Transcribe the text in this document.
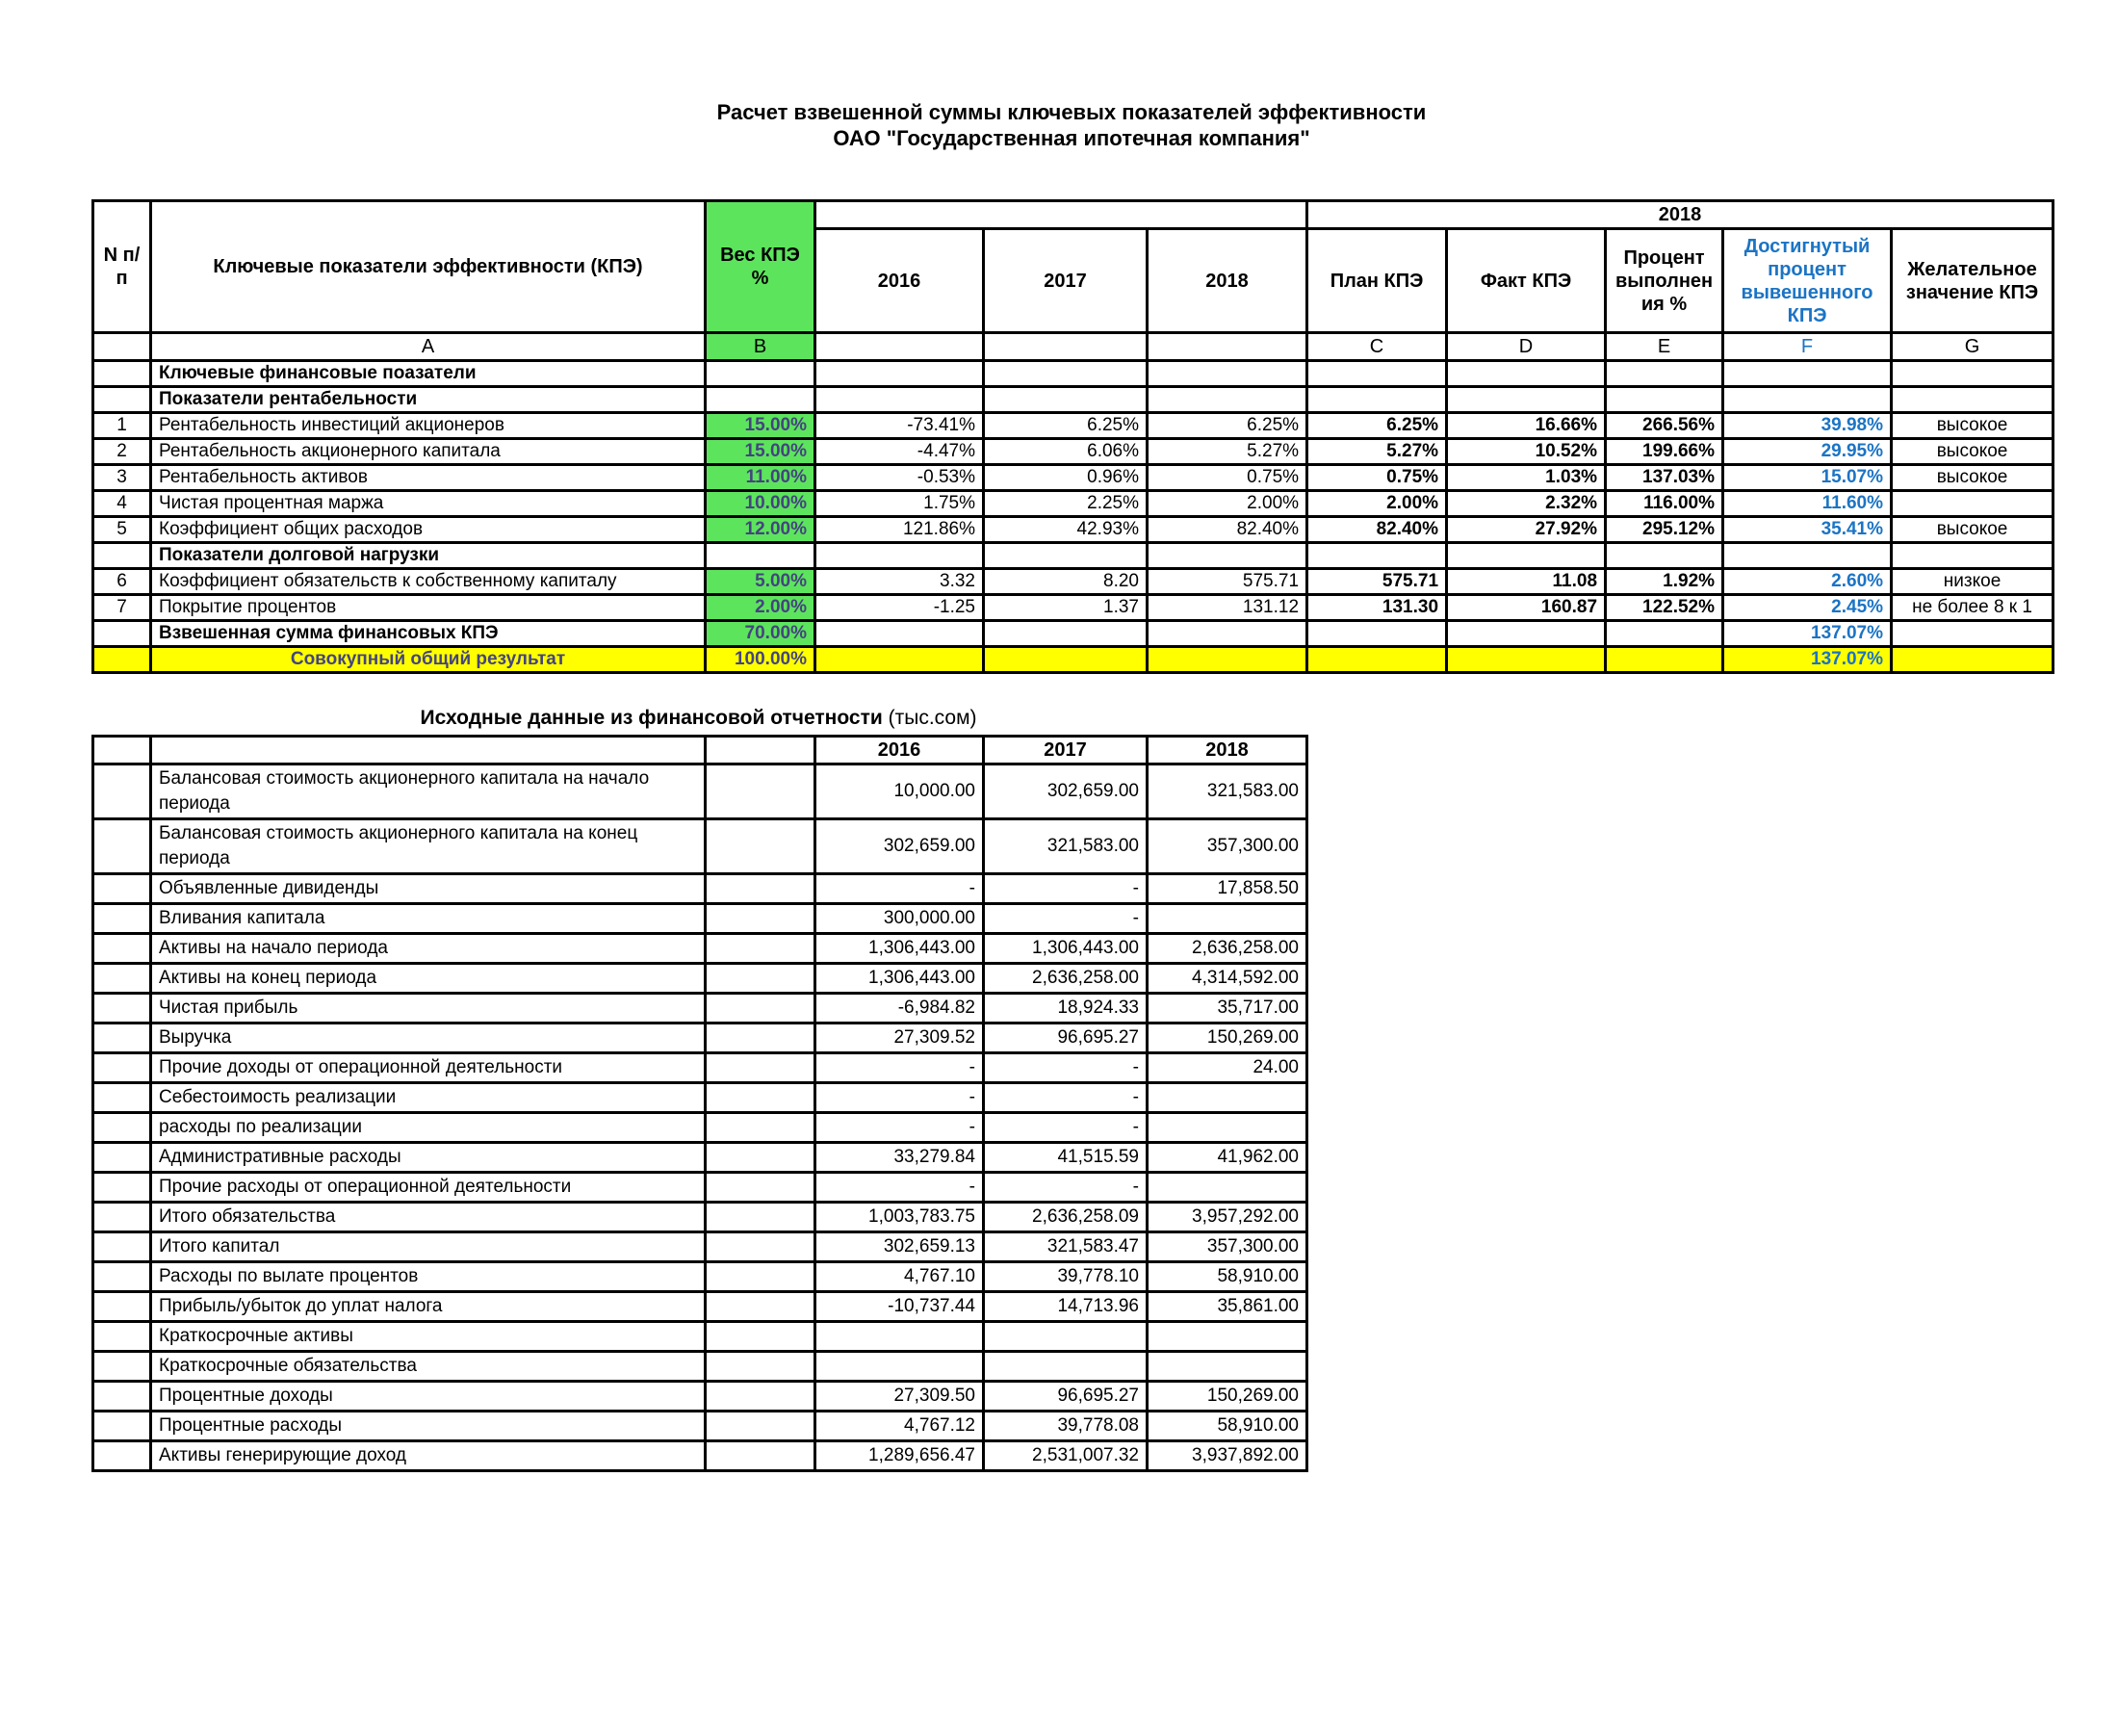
Расчет взвешенной суммы ключевых показателей эффективности
ОАО "Государственная ипотечная компания"
N п/п	Ключевые показатели эффективности (КПЭ)	Вес КПЭ %				2018				
			2016	2017	2018	План КПЭ	Факт КПЭ	Процент выполнения %	Достигнутый процент вывешенного КПЭ	Желательное значение КПЭ
	A	B				C	D	E	F	G
	Ключевые финансовые поазатели									
	Показатели рентабельности									
1	Рентабельность инвестиций акционеров	15.00%	-73.41%	6.25%	6.25%	6.25%	16.66%	266.56%	39.98%	высокое
2	Рентабельность акционерного капитала	15.00%	-4.47%	6.06%	5.27%	5.27%	10.52%	199.66%	29.95%	высокое
3	Рентабельность активов	11.00%	-0.53%	0.96%	0.75%	0.75%	1.03%	137.03%	15.07%	высокое
4	Чистая процентная маржа	10.00%	1.75%	2.25%	2.00%	2.00%	2.32%	116.00%	11.60%	
5	Коэффициент общих расходов	12.00%	121.86%	42.93%	82.40%	82.40%	27.92%	295.12%	35.41%	высокое
	Показатели долговой нагрузки									
6	Коэффициент обязательств к собственному капиталу	5.00%	3.32	8.20	575.71	575.71	11.08	1.92%	2.60%	низкое
7	Покрытие процентов	2.00%	-1.25	1.37	131.12	131.30	160.87	122.52%	2.45%	не более 8 к 1
	Взвешенная сумма финансовых КПЭ	70.00%							137.07%	
	Совокупный общий результат	100.00%							137.07%	
Исходные данные из финансовой отчетности (тыс.сом)
			2016	2017	2018
	Балансовая стоимость акционерного капитала на начало периода		10,000.00	302,659.00	321,583.00
	Балансовая стоимость акционерного капитала на конец периода		302,659.00	321,583.00	357,300.00
	Объявленные дивиденды		-	-	17,858.50
	Вливания капитала		300,000.00	-	
	Активы на начало периода		1,306,443.00	1,306,443.00	2,636,258.00
	Активы на конец периода		1,306,443.00	2,636,258.00	4,314,592.00
	Чистая прибыль		-6,984.82	18,924.33	35,717.00
	Выручка		27,309.52	96,695.27	150,269.00
	Прочие доходы от операционной деятельности		-	-	24.00
	Себестоимость реализации		-	-	
	расходы по реализации		-	-	
	Административные расходы		33,279.84	41,515.59	41,962.00
	Прочие расходы от операционной деятельности		-	-	
	Итого обязательства		1,003,783.75	2,636,258.09	3,957,292.00
	Итого капитал		302,659.13	321,583.47	357,300.00
	Расходы по вылате процентов		4,767.10	39,778.10	58,910.00
	Прибыль/убыток до уплат налога		-10,737.44	14,713.96	35,861.00
	Краткосрочные активы				
	Краткосрочные обязательства				
	Процентные доходы		27,309.50	96,695.27	150,269.00
	Процентные расходы		4,767.12	39,778.08	58,910.00
	Активы генерирующие доход		1,289,656.47	2,531,007.32	3,937,892.00
